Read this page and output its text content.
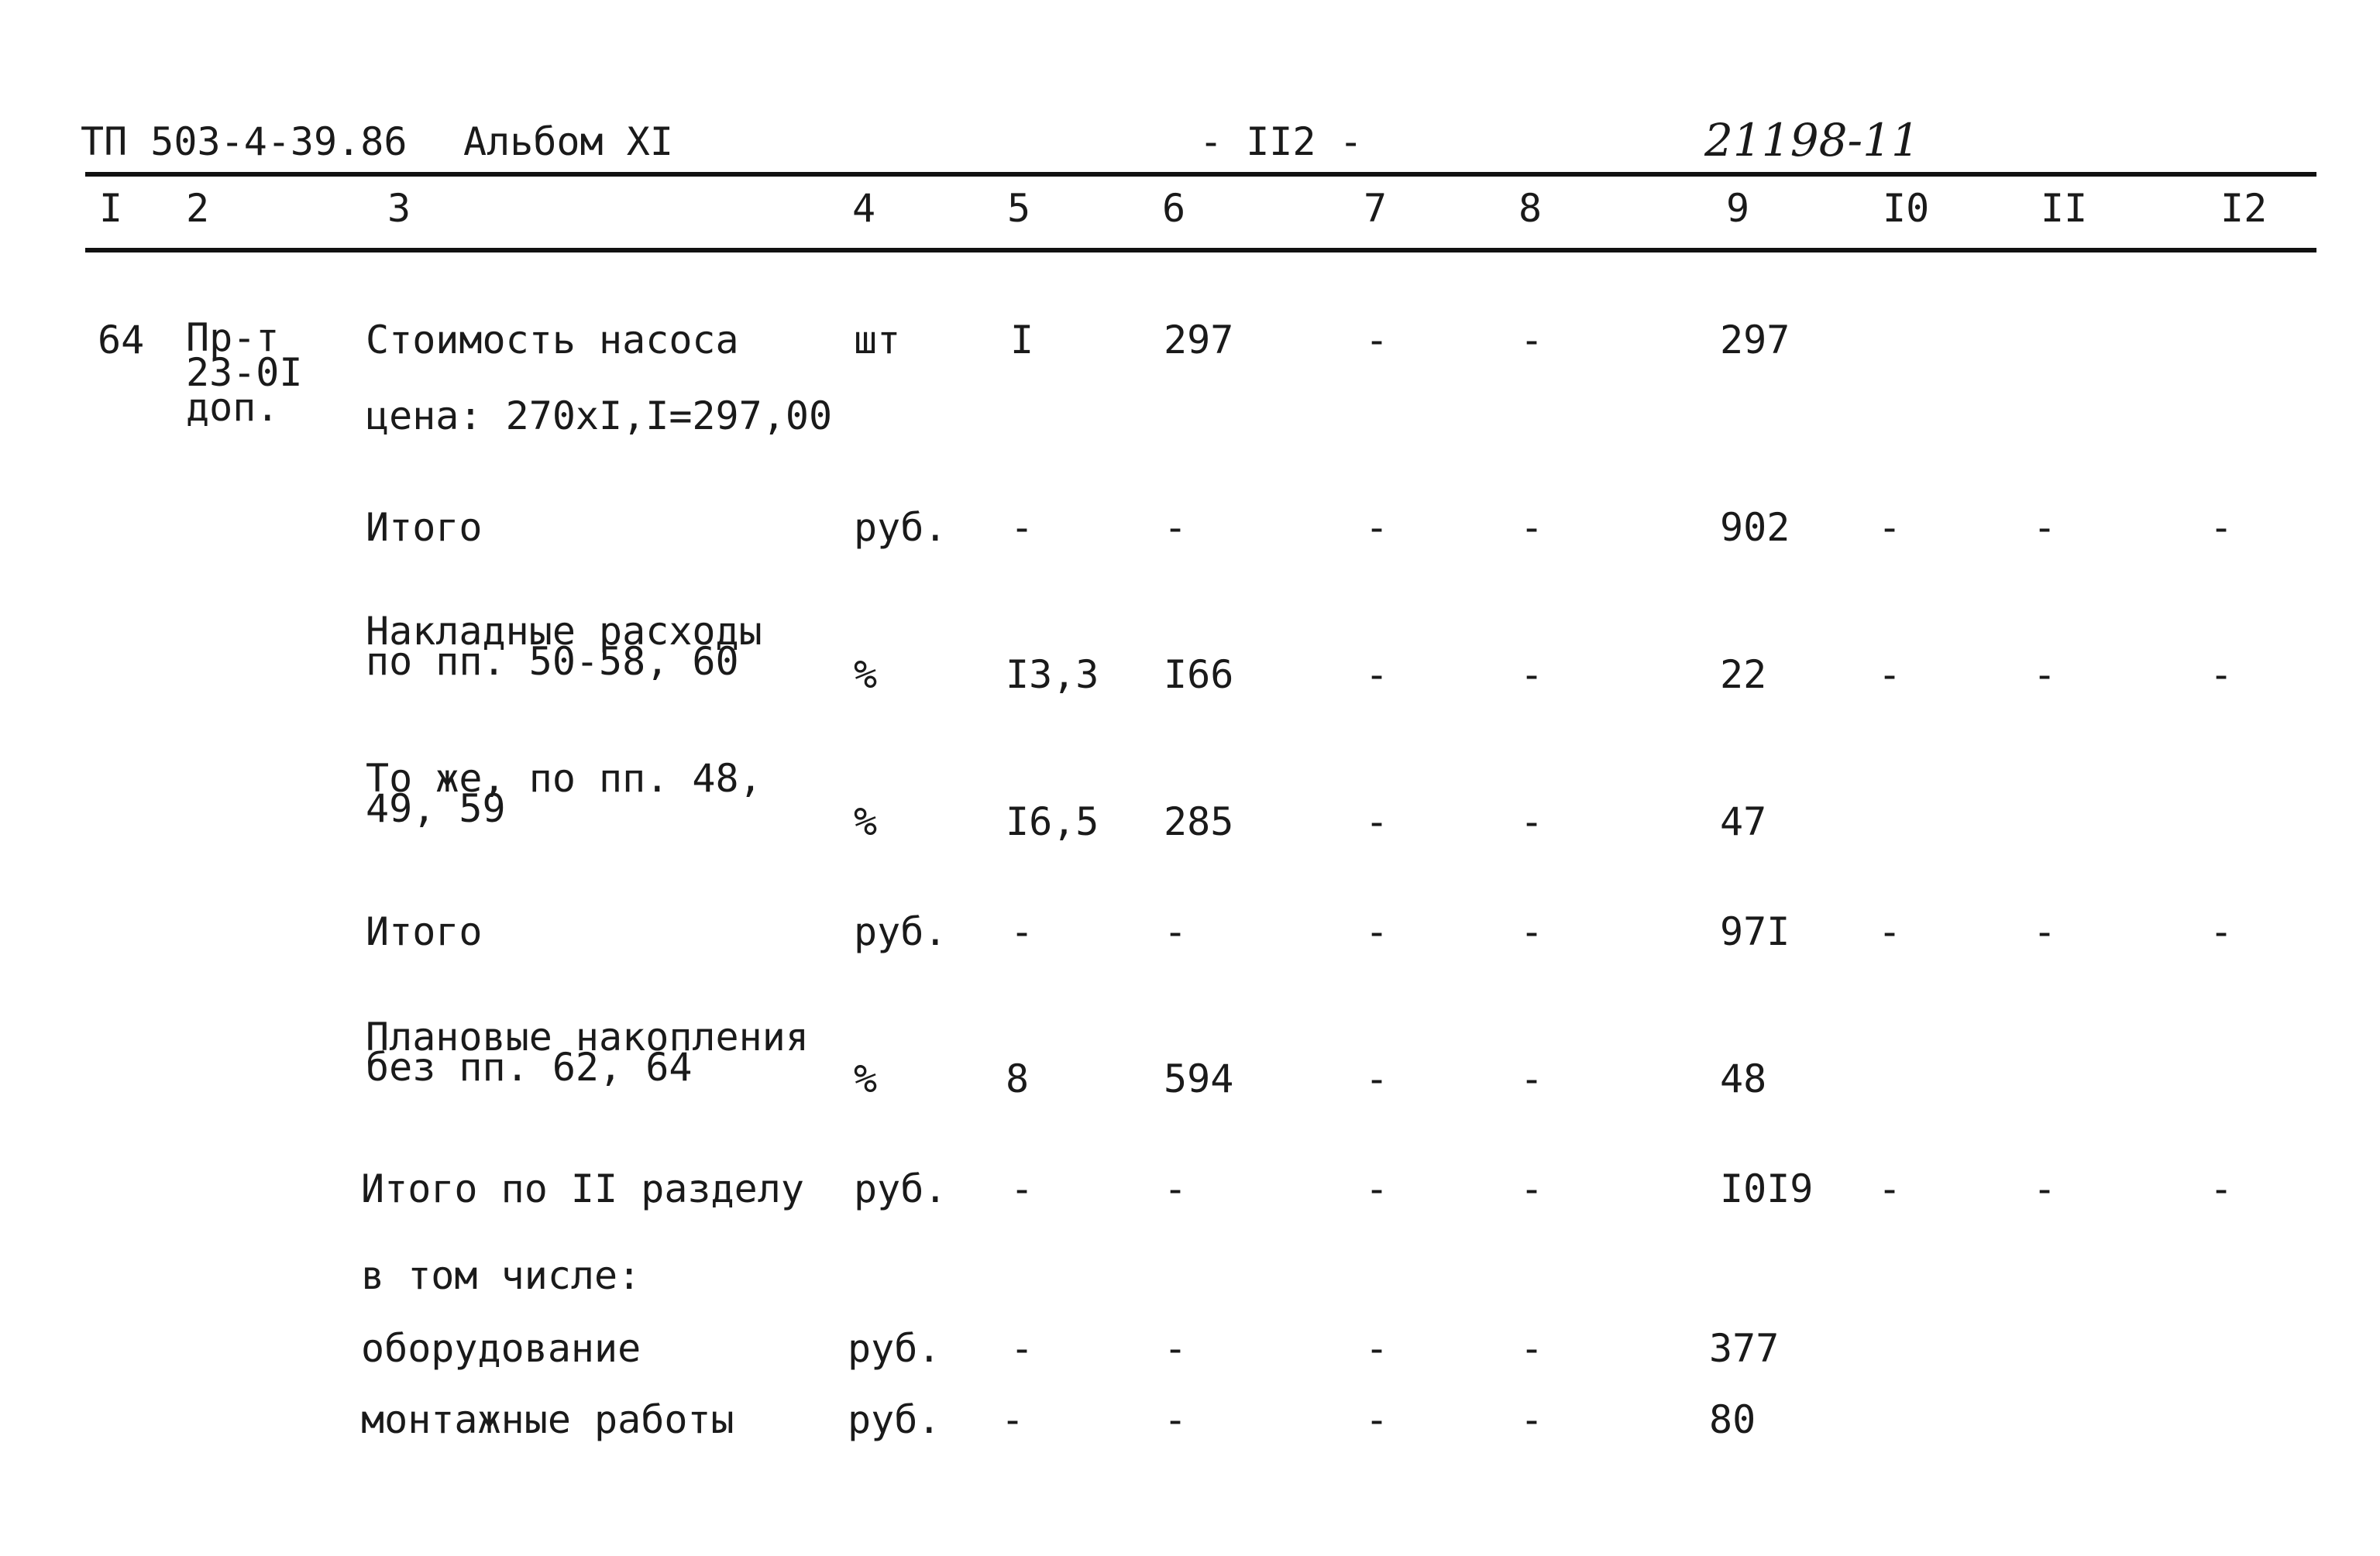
ТП 503-4-39.86 Альбом XI	- II2 -	21198-11
I 2	3	4	5	6	7	8	9	I0	II	I2
64 Пр-т
23-0I
доп.
Стоимость насоса	шт	I	297	-	-	297
цена: 270xI,I=297,00
Итого	руб. -	-	-	-	902 -	-	-
Накладные расходы
по пп. 50-58, 60	%	I3,3 I66	-	-	22	-	-	-
То же, по пп. 48,
49, 59	%	I6,5 285	-	-	47
Итого	руб. -	-	-	-	97I -	-	-
Плановые накопления
без пп. 62, 64	%	8	594	-	-	48
Итого по II разделу руб. -	-	-	-	I0I9 -	-	-
в том числе:
оборудование	руб. -	-	-	-	377
монтажные работы	руб. -	-	-	-	80
